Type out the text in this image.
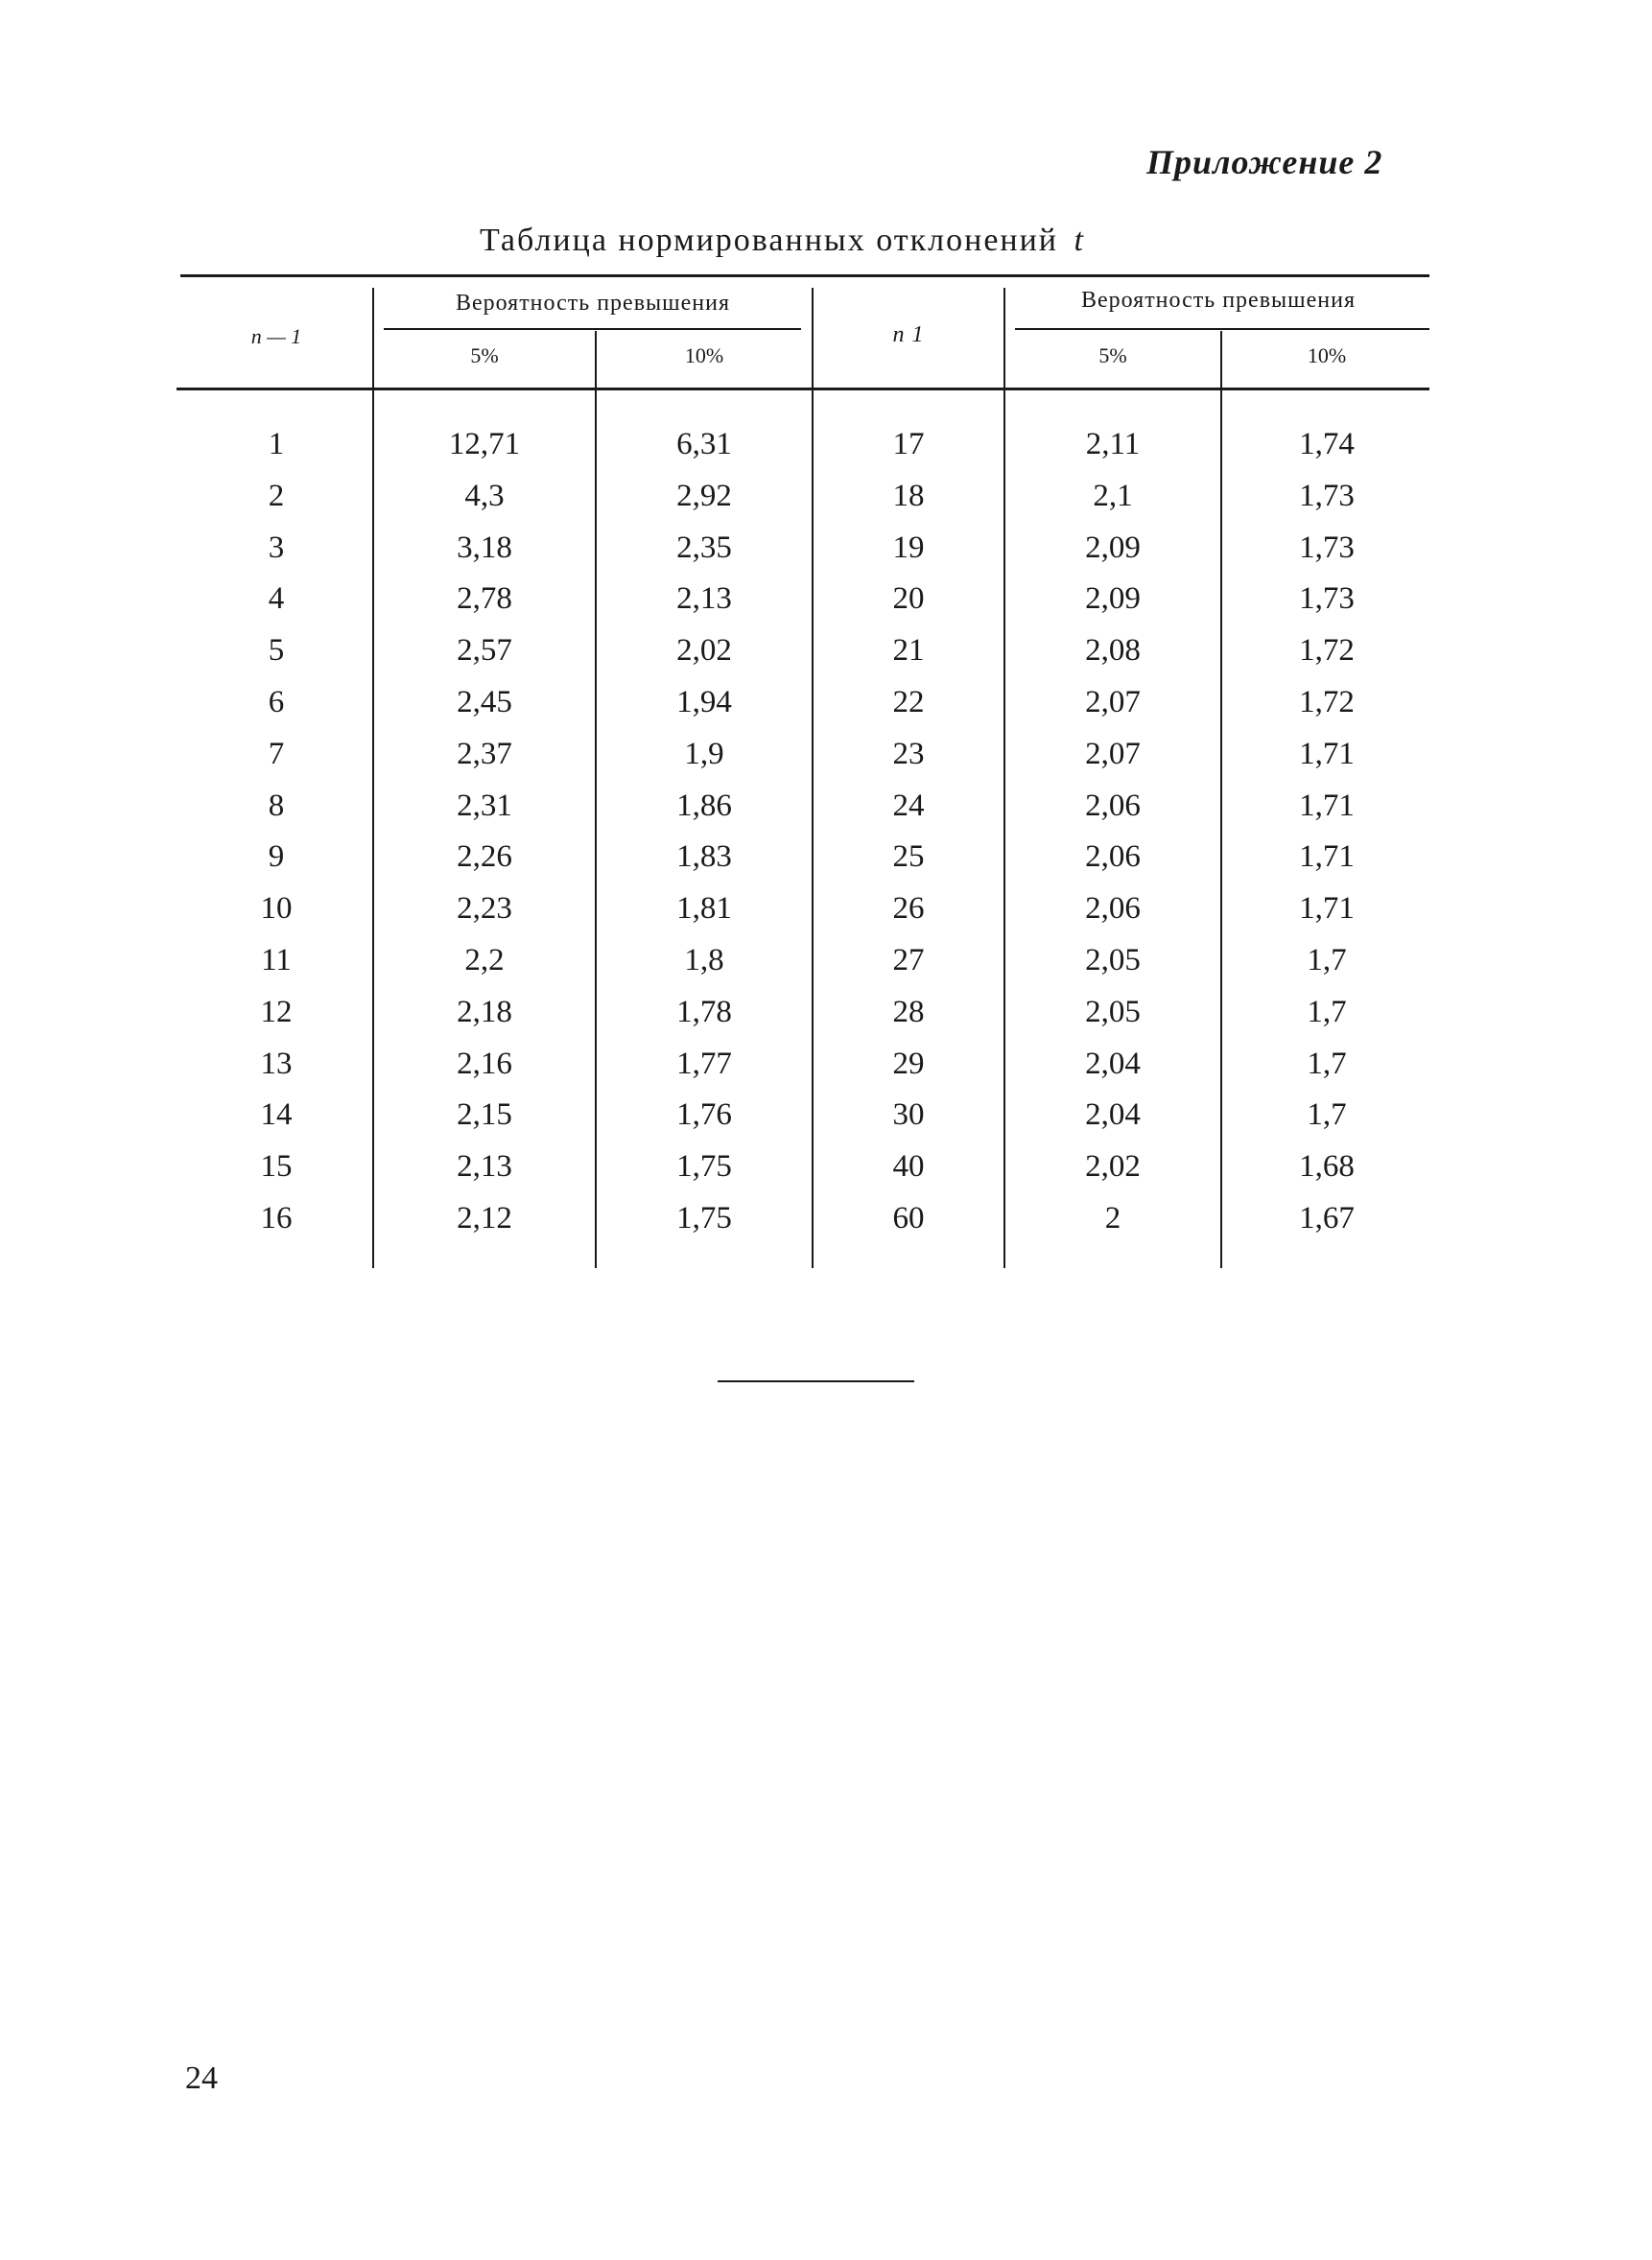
Приложение 2
Таблица нормированных отклонений t
n — 1
Вероятность превышения
5%	10%
n 1
Вероятность превышения
5%	10%
1	12,71	6,31	17	2,11	1,74
2	4,3	2,92	18	2,1	1,73
3	3,18	2,35	19	2,09	1,73
4	2,78	2,13	20	2,09	1,73
5	2,57	2,02	21	2,08	1,72
6	2,45	1,94	22	2,07	1,72
7	2,37	1,9	23	2,07	1,71
8	2,31	1,86	24	2,06	1,71
9	2,26	1,83	25	2,06	1,71
10	2,23	1,81	26	2,06	1,71
11	2,2	1,8	27	2,05	1,7
12	2,18	1,78	28	2,05	1,7
13	2,16	1,77	29	2,04	1,7
14	2,15	1,76	30	2,04	1,7
15	2,13	1,75	40	2,02	1,68
16	2,12	1,75	60	2	1,67
24
